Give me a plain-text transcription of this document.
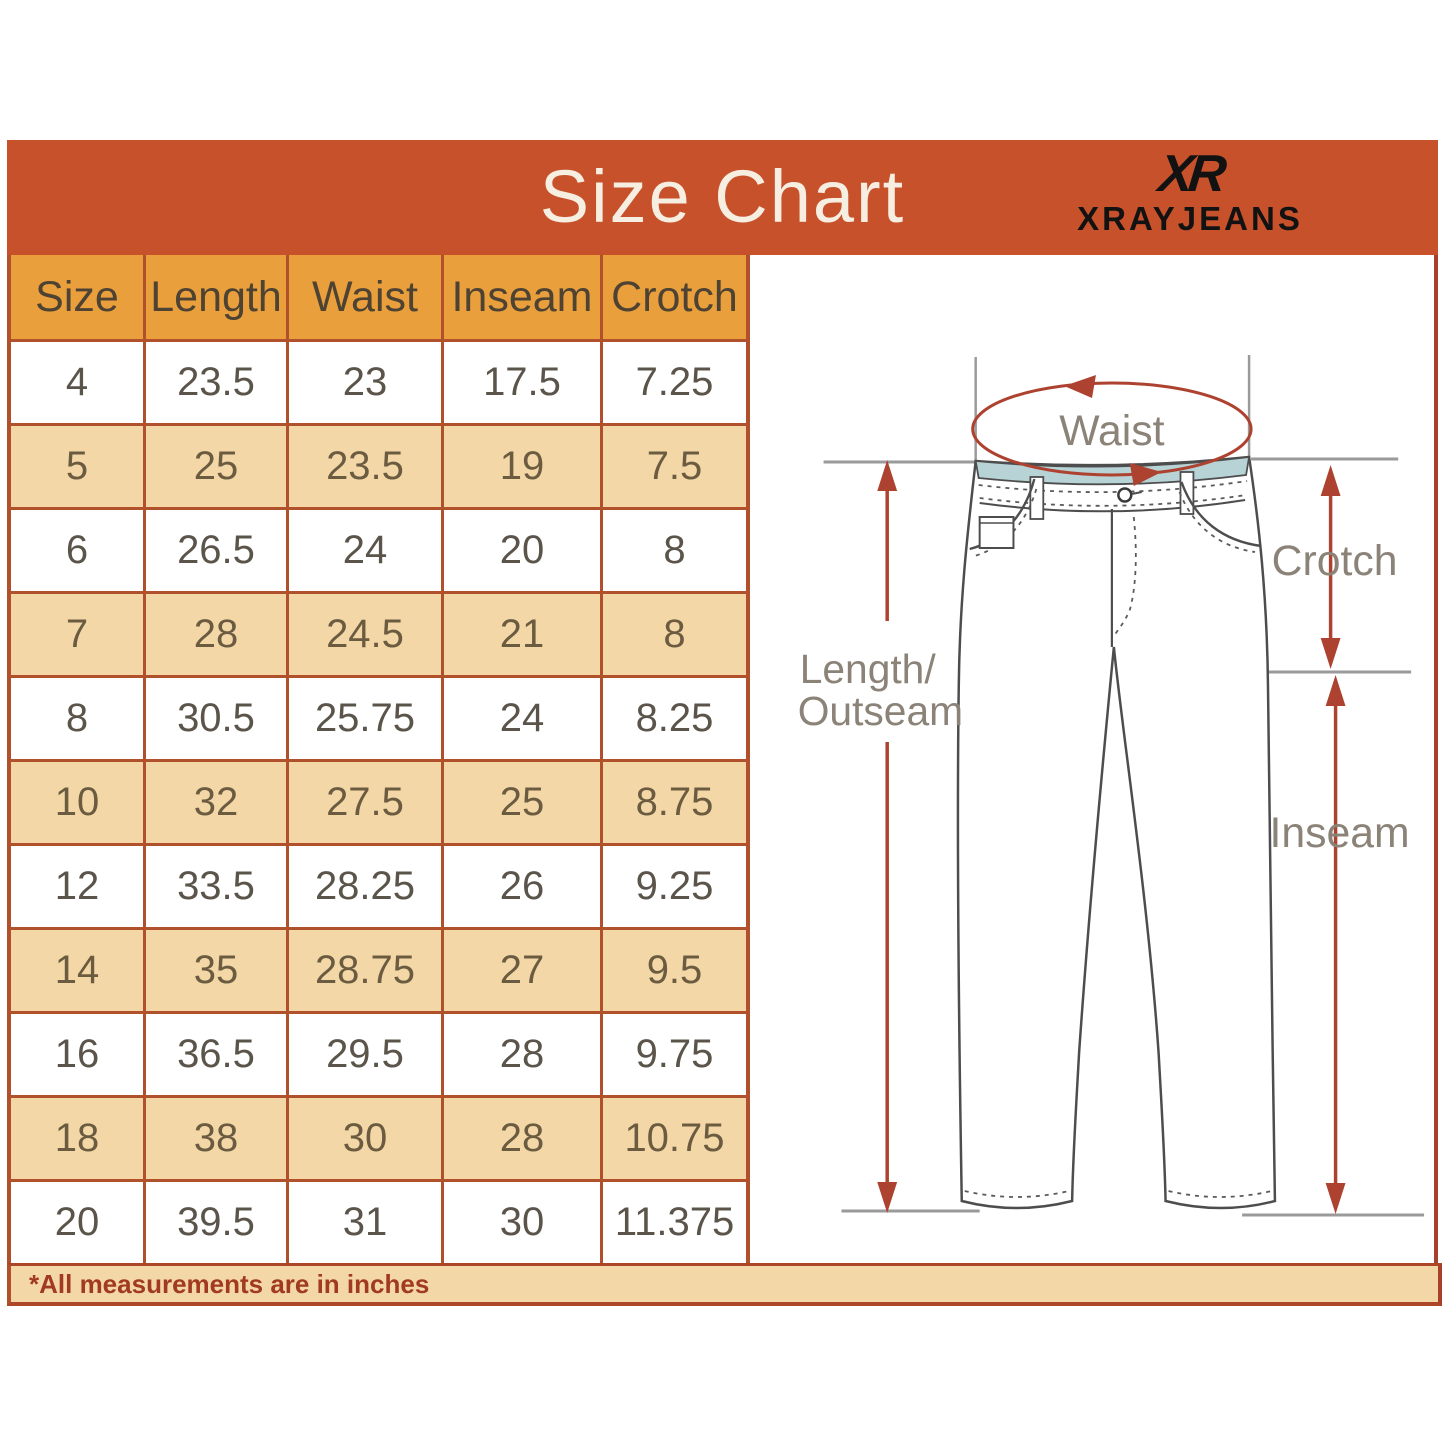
Size Chart	XR
XRAYJEANS
Size Length Waist Inseam Crotch
4	23.5	23	17.5	7.25
5	25	23.5	19	7.5
6	26.5	24	20	8
7	28	24.5	21	8
8	30.5	25.75	24	8.25
10	32	27.5	25	8.75
12	33.5	28.25	26	9.25
14	35	28.75	27	9.5
16	36.5	29.5	28	9.75
18	38	30	28	10.75
20	39.5	31	30	11.375
Waist
Length/
Outseam
Crotch
Inseam
*All measurements are in inches
